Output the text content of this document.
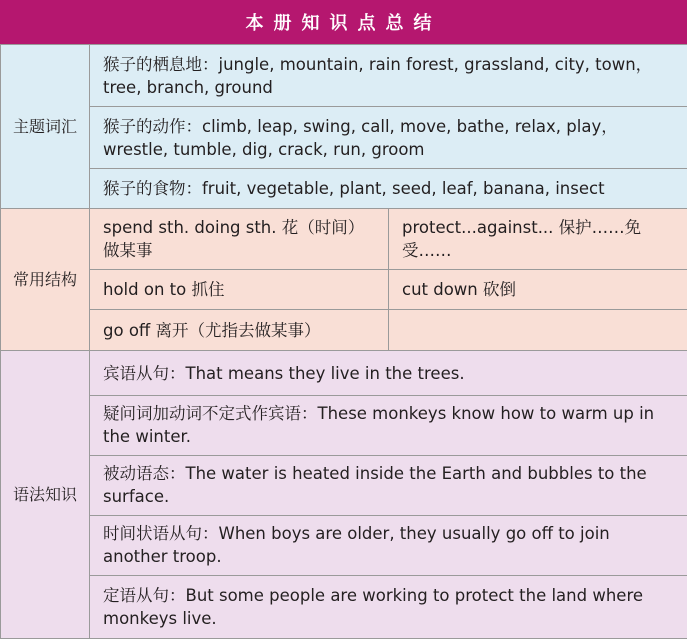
本册知识点总结
主题词汇	猴子的栖息地：jungle, mountain, rain forest, grassland, city, town，tree, branch, ground	
	猴子的动作：climb, leap, swing, call, move, bathe, relax, play，wrestle, tumble, dig, crack, run, groom	
	猴子的食物：fruit, vegetable, plant, seed, leaf, banana, insect	
常用结构	spend sth. doing sth. 花（时间）做某事	protect...against... 保护……免受……
	hold on to 抓住	cut down 砍倒
	go off 离开（尤指去做某事）	
语法知识	宾语从句：That means they live in the trees.	
	疑问词加动词不定式作宾语：These monkeys know how to warm up in the winter.	
	被动语态：The water is heated inside the Earth and bubbles to the surface.	
	时间状语从句：When boys are older, they usually go off to join another troop.	
	定语从句：But some people are working to protect the land where monkeys live.	
